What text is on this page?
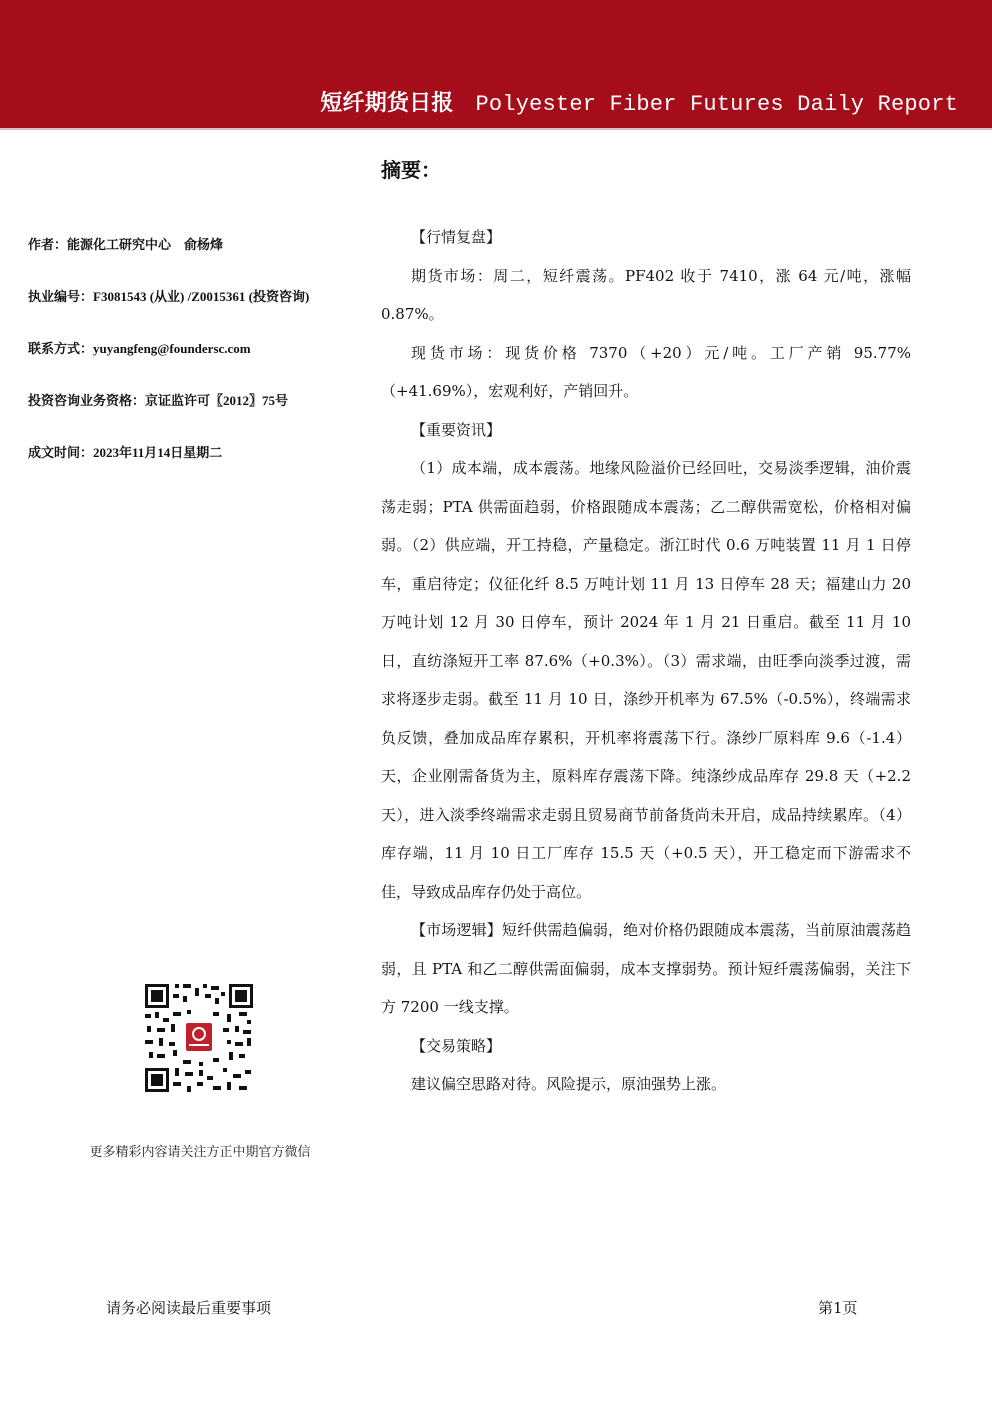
短纤期货日报 Polyester Fiber Futures Daily Report
摘要：
作者：能源化工研究中心　俞杨烽
执业编号：F3081543 (从业) /Z0015361 (投资咨询)
联系方式：yuyangfeng@foundersc.com
投资咨询业务资格：京证监许可〖2012〗75号
成文时间：2023年11月14日星期二

【行情复盘】

期货市场：周二，短纤震荡。PF402 收于 7410，涨 64 元/吨，涨幅 0.87%。

现货市场：现货价格 7370（+20）元/吨。工厂产销 95.77%（+41.69%），宏观利好，产销回升。

【重要资讯】

（1）成本端，成本震荡。地缘风险溢价已经回吐，交易淡季逻辑，油价震荡走弱；PTA 供需面趋弱，价格跟随成本震荡；乙二醇供需宽松，价格相对偏弱。（2）供应端，开工持稳，产量稳定。浙江时代 0.6 万吨装置 11 月 1 日停车，重启待定；仪征化纤 8.5 万吨计划 11 月 13 日停车 28 天；福建山力 20 万吨计划 12 月 30 日停车，预计 2024 年 1 月 21 日重启。截至 11 月 10 日，直纺涤短开工率 87.6%（+0.3%）。（3）需求端，由旺季向淡季过渡，需求将逐步走弱。截至 11 月 10 日，涤纱开机率为 67.5%（-0.5%），终端需求负反馈，叠加成品库存累积，开机率将震荡下行。涤纱厂原料库 9.6（-1.4）天，企业刚需备货为主，原料库存震荡下降。纯涤纱成品库存 29.8 天（+2.2 天），进入淡季终端需求走弱且贸易商节前备货尚未开启，成品持续累库。（4）库存端，11 月 10 日工厂库存 15.5 天（+0.5 天），开工稳定而下游需求不佳，导致成品库存仍处于高位。

【市场逻辑】短纤供需趋偏弱，绝对价格仍跟随成本震荡，当前原油震荡趋弱，且 PTA 和乙二醇供需面偏弱，成本支撑弱势。预计短纤震荡偏弱，关注下方 7200 一线支撑。

【交易策略】

建议偏空思路对待。风险提示，原油强势上涨。

更多精彩内容请关注方正中期官方微信
请务必阅读最后重要事项	第1页
